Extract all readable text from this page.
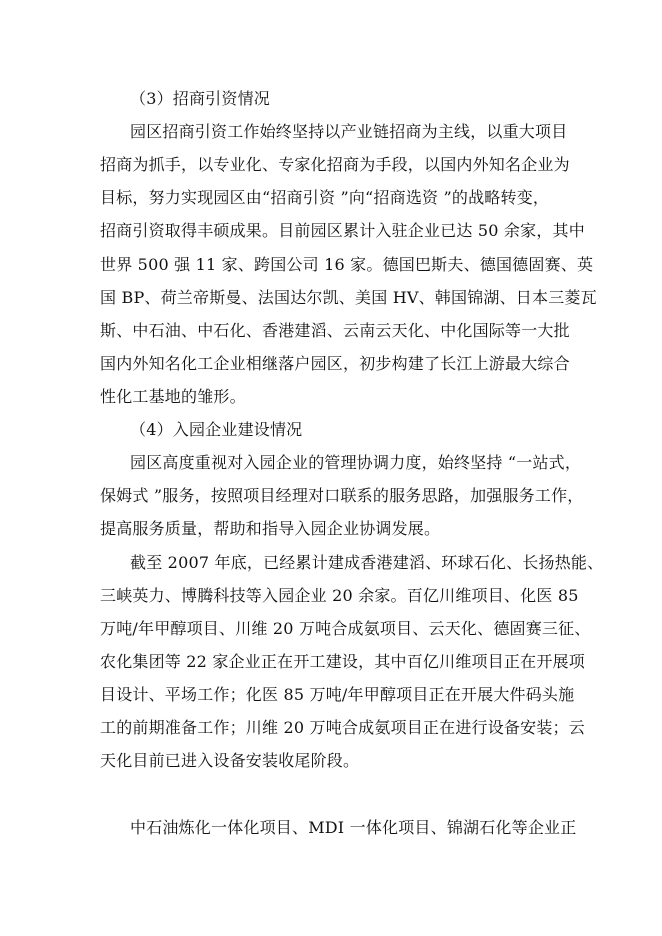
（3）招商引资情况

园区招商引资工作始终坚持以产业链招商为主线，以重大项目

招商为抓手，以专业化、专家化招商为手段，以国内外知名企业为

目标，努力实现园区由“招商引资 ”向“招商选资 ”的战略转变，

招商引资取得丰硕成果。目前园区累计入驻企业已达 50 余家，其中

世界 500 强 11 家、跨国公司 16 家。德国巴斯夫、德国德固赛、英

国 BP、荷兰帝斯曼、法国达尔凯、美国 HV、韩国锦湖、日本三菱瓦

斯、中石油、中石化、香港建滔、云南云天化、中化国际等一大批

国内外知名化工企业相继落户园区，初步构建了长江上游最大综合

性化工基地的雏形。

（4）入园企业建设情况

园区高度重视对入园企业的管理协调力度，始终坚持 “一站式，

保姆式 ”服务，按照项目经理对口联系的服务思路，加强服务工作，

提高服务质量，帮助和指导入园企业协调发展。

截至 2007 年底，已经累计建成香港建滔、环球石化、长扬热能、

三峡英力、博腾科技等入园企业 20 余家。百亿川维项目、化医 85

万吨/年甲醇项目、川维 20 万吨合成氨项目、云天化、德固赛三征、

农化集团等 22 家企业正在开工建设，其中百亿川维项目正在开展项

目设计、平场工作；化医 85 万吨/年甲醇项目正在开展大件码头施

工的前期准备工作；川维 20 万吨合成氨项目正在进行设备安装；云

天化目前已进入设备安装收尾阶段。

中石油炼化一体化项目、MDI 一体化项目、锦湖石化等企业正
